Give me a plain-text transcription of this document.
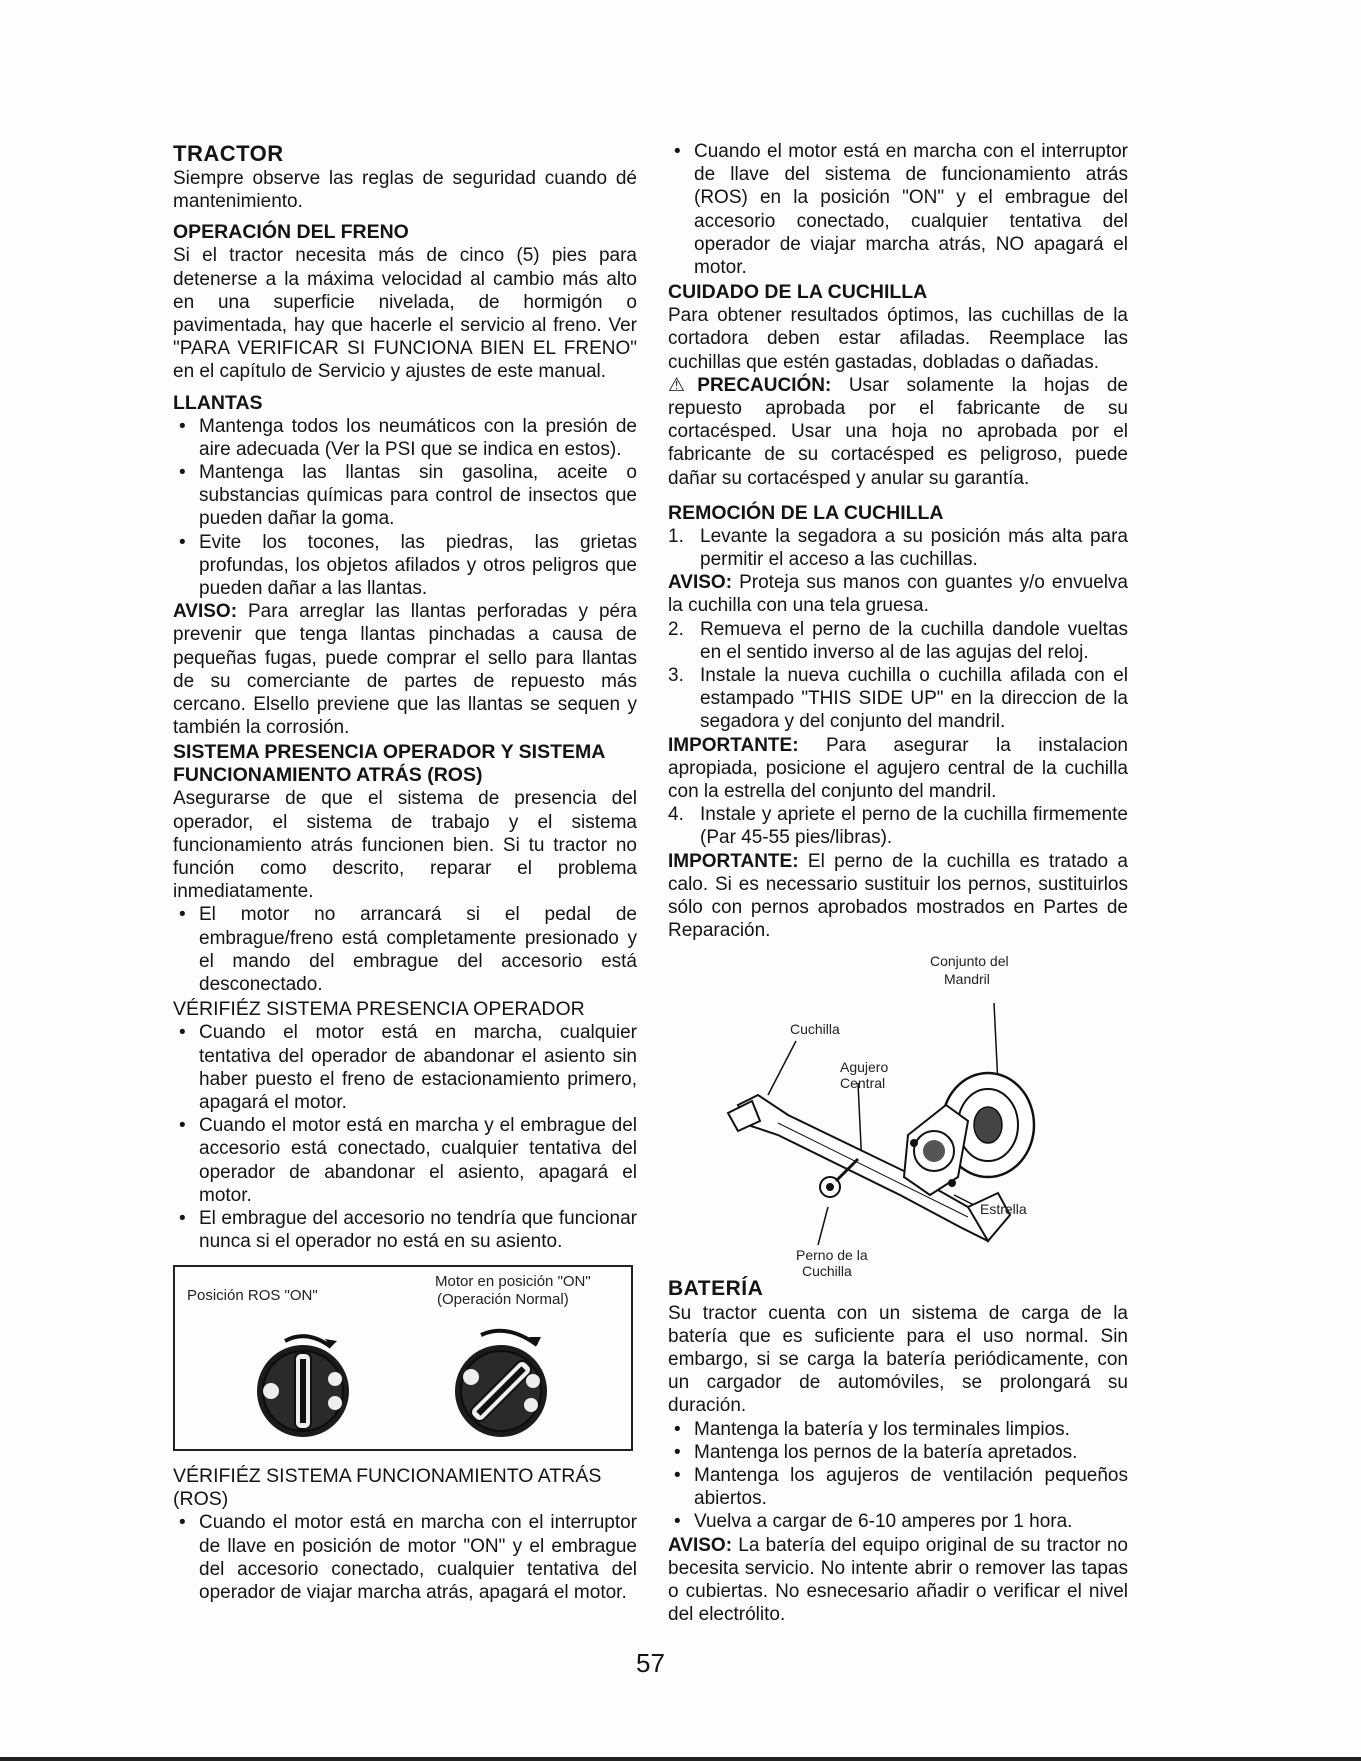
TRACTOR

Siempre observe las reglas de seguridad cuando dé mantenimiento.

OPERACIÓN DEL FRENO

Si el tractor necesita más de cinco (5) pies para detenerse a la máxima velocidad al cambio más alto en una superficie nivelada, de hormigón o pavimentada, hay que hacerle el servicio al freno. Ver "PARA VERIFICAR SI FUNCIONA BIEN EL FRENO" en el capítulo de Servicio y ajustes de este manual.

LLANTAS
• Mantenga todos los neumáticos con la presión de aire adecuada (Ver la PSI que se indica en estos).
• Mantenga las llantas sin gasolina, aceite o substancias químicas para control de insectos que pueden dañar la goma.
• Evite los tocones, las piedras, las grietas profundas, los objetos afilados y otros peligros que pueden dañar a las llantas.

AVISO: Para arreglar las llantas perforadas y péra prevenir que tenga llantas pinchadas a causa de pequeñas fugas, puede comprar el sello para llantas de su comerciante de partes de repuesto más cercano. Elsello previene que las llantas se sequen y también la corrosión.

SISTEMA PRESENCIA OPERADOR Y SISTEMA FUNCIONAMIENTO ATRÁS (ROS)

Asegurarse de que el sistema de presencia del operador, el sistema de trabajo y el sistema funcionamiento atrás funcionen bien. Si tu tractor no función como descrito, reparar el problema inmediatamente.

• El motor no arrancará si el pedal de embrague/freno está completamente presionado y el mando del embrague del accesorio está desconectado.
VÉRIFIÉZ SISTEMA PRESENCIA OPERADOR
• Cuando el motor está en marcha, cualquier tentativa del operador de abandonar el asiento sin haber puesto el freno de estacionamiento primero, apagará el motor.
• Cuando el motor está en marcha y el embrague del accesorio está conectado, cualquier tentativa del operador de abandonar el asiento, apagará el motor.
• El embrague del accesorio no tendría que funcionar nunca si el operador no está en su asiento.
Posición ROS "ON"
Motor en posición "ON"
(Operación Normal)
VÉRIFIÉZ SISTEMA FUNCIONAMIENTO ATRÁS (ROS)
• Cuando el motor está en marcha con el interruptor de llave en posición de motor "ON" y el embrague del accesorio conectado, cualquier tentativa del operador de viajar marcha atrás, apagará el motor.
• Cuando el motor está en marcha con el interruptor de llave del sistema de funcionamiento atrás (ROS) en la posición "ON" y el embrague del accesorio conectado, cualquier tentativa del operador de viajar marcha atrás, NO apagará el motor.
CUIDADO DE LA CUCHILLA

Para obtener resultados óptimos, las cuchillas de la cortadora deben estar afiladas. Reemplace las cuchillas que estén gastadas, dobladas o dañadas.

⚠PRECAUCIÓN: Usar solamente la hojas de repuesto aprobada por el fabricante de su cortacésped. Usar una hoja no aprobada por el fabricante de su cortacésped es peligroso, puede dañar su cortacésped y anular su garantía.

REMOCIÓN DE LA CUCHILLA
1. Levante la segadora a su posición más alta para permitir el acceso a las cuchillas.

AVISO: Proteja sus manos con guantes y/o envuelva la cuchilla con una tela gruesa.

2. Remueva el perno de la cuchilla dandole vueltas en el sentido inverso al de las agujas del reloj.
3. Instale la nueva cuchilla o cuchilla afilada con el estampado "THIS SIDE UP" en la direccion de la segadora y del conjunto del mandril.

IMPORTANTE: Para asegurar la instalacion apropiada, posicione el agujero central de la cuchilla con la estrella del conjunto del mandril.

4. Instale y apriete el perno de la cuchilla firmemente (Par 45-55 pies/libras).

IMPORTANTE: El perno de la cuchilla es tratado a calo. Si es necessario sustituir los pernos, sustituirlos sólo con pernos aprobados mostrados en Partes de Reparación.

Conjunto del
Mandril
Cuchilla
Agujero
Central
Estrella
Perno de la
Cuchilla
BATERÍA

Su tractor cuenta con un sistema de carga de la batería que es suficiente para el uso normal. Sin embargo, si se carga la batería periódicamente, con un cargador de automóviles, se prolongará su duración.

• Mantenga la batería y los terminales limpios.
• Mantenga los pernos de la batería apretados.
• Mantenga los agujeros de ventilación pequeños abiertos.
• Vuelva a cargar de 6-10 amperes por 1 hora.

AVISO: La batería del equipo original de su tractor no becesita servicio. No intente abrir o remover las tapas o cubiertas. No esnecesario añadir o verificar el nivel del electrólito.

57
